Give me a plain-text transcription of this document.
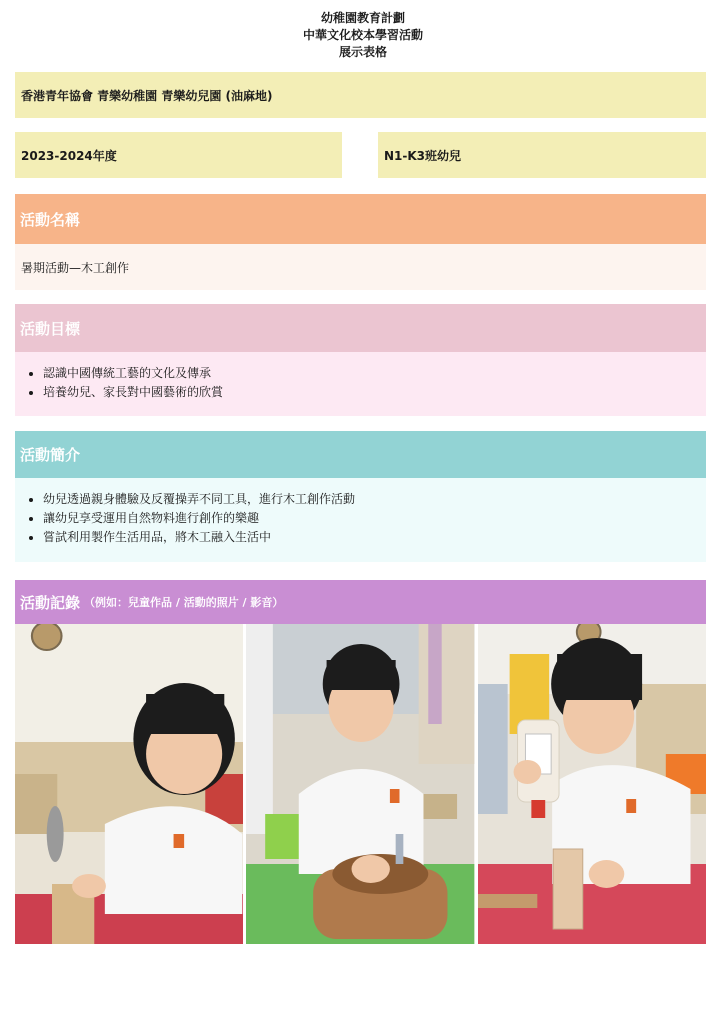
幼稚園教育計劃
中華文化校本學習活動
展示表格
香港青年協會 青樂幼稚園 青樂幼兒園 (油麻地)
2023-2024年度	N1-K3班幼兒
活動名稱
暑期活動—木工創作
活動目標
• 認識中國傳統工藝的文化及傳承
• 培養幼兒、家長對中國藝術的欣賞
活動簡介
• 幼兒透過親身體驗及反覆操弄不同工具，進行木工創作活動
• 讓幼兒享受運用自然物料進行創作的樂趣
• 嘗試利用製作生活用品，將木工融入生活中
活動記錄 （例如：兒童作品 / 活動的照片 / 影音）
